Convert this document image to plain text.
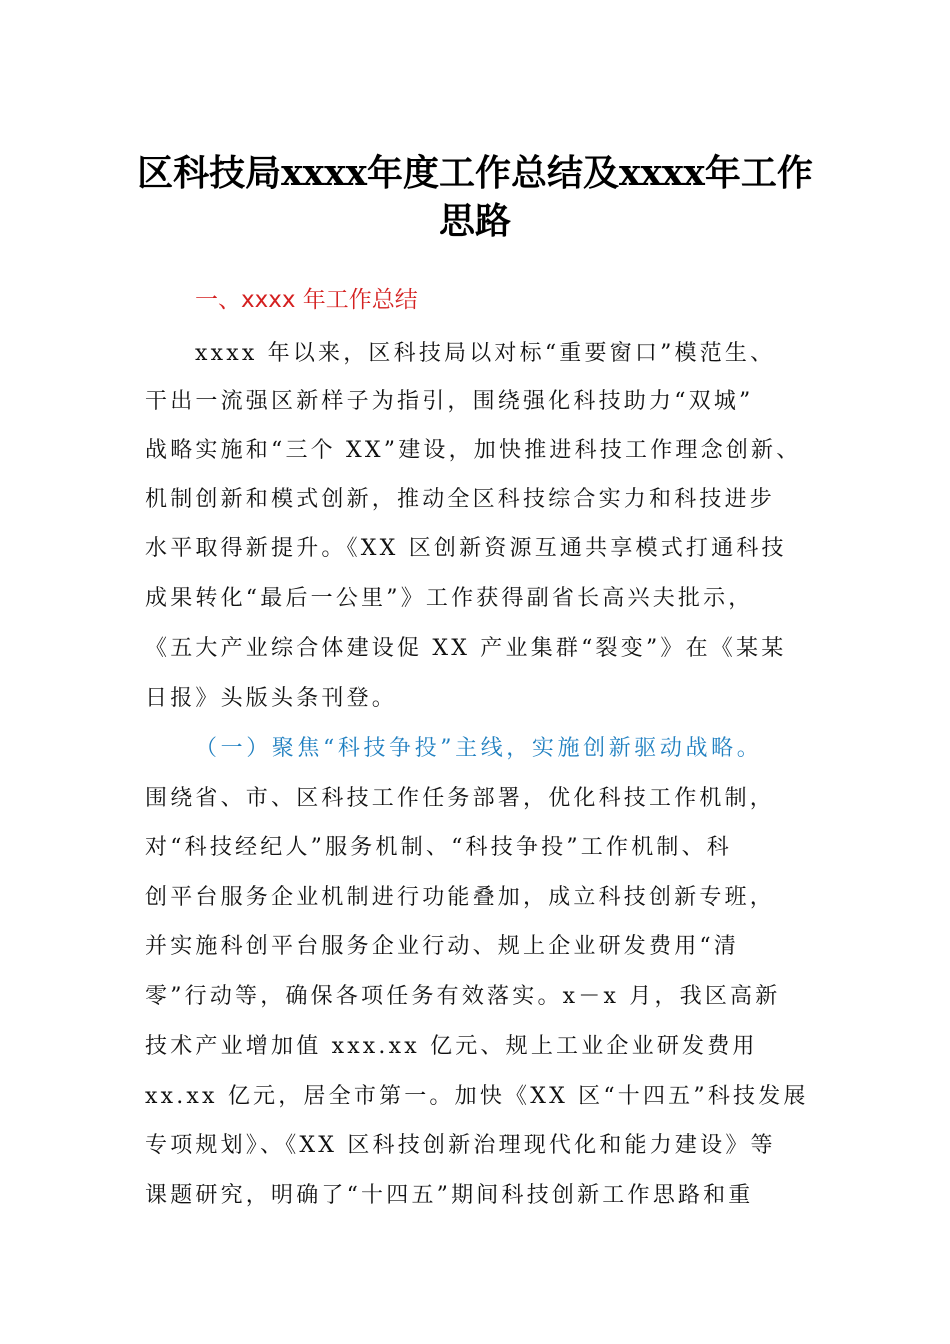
区科技局xxxx年度工作总结及xxxx年工作
思路
一、xxxx 年工作总结
xxxx 年以来，区科技局以对标“重要窗口”模范生、
干出一流强区新样子为指引，围绕强化科技助力“双城”
战略实施和“三个 XX”建设，加快推进科技工作理念创新、
机制创新和模式创新，推动全区科技综合实力和科技进步
水平取得新提升。《XX 区创新资源互通共享模式打通科技
成果转化“最后一公里”》工作获得副省长高兴夫批示，
《五大产业综合体建设促 XX 产业集群“裂变”》在《某某
日报》头版头条刊登。
（一）聚焦“科技争投”主线，实施创新驱动战略。
围绕省、市、区科技工作任务部署，优化科技工作机制，
对“科技经纪人”服务机制、“科技争投”工作机制、科
创平台服务企业机制进行功能叠加，成立科技创新专班，
并实施科创平台服务企业行动、规上企业研发费用“清
零”行动等，确保各项任务有效落实。x－x 月，我区高新
技术产业增加值 xxx.xx 亿元、规上工业企业研发费用
xx.xx 亿元，居全市第一。加快《XX 区“十四五”科技发展
专项规划》、《XX 区科技创新治理现代化和能力建设》等
课题研究，明确了“十四五”期间科技创新工作思路和重
